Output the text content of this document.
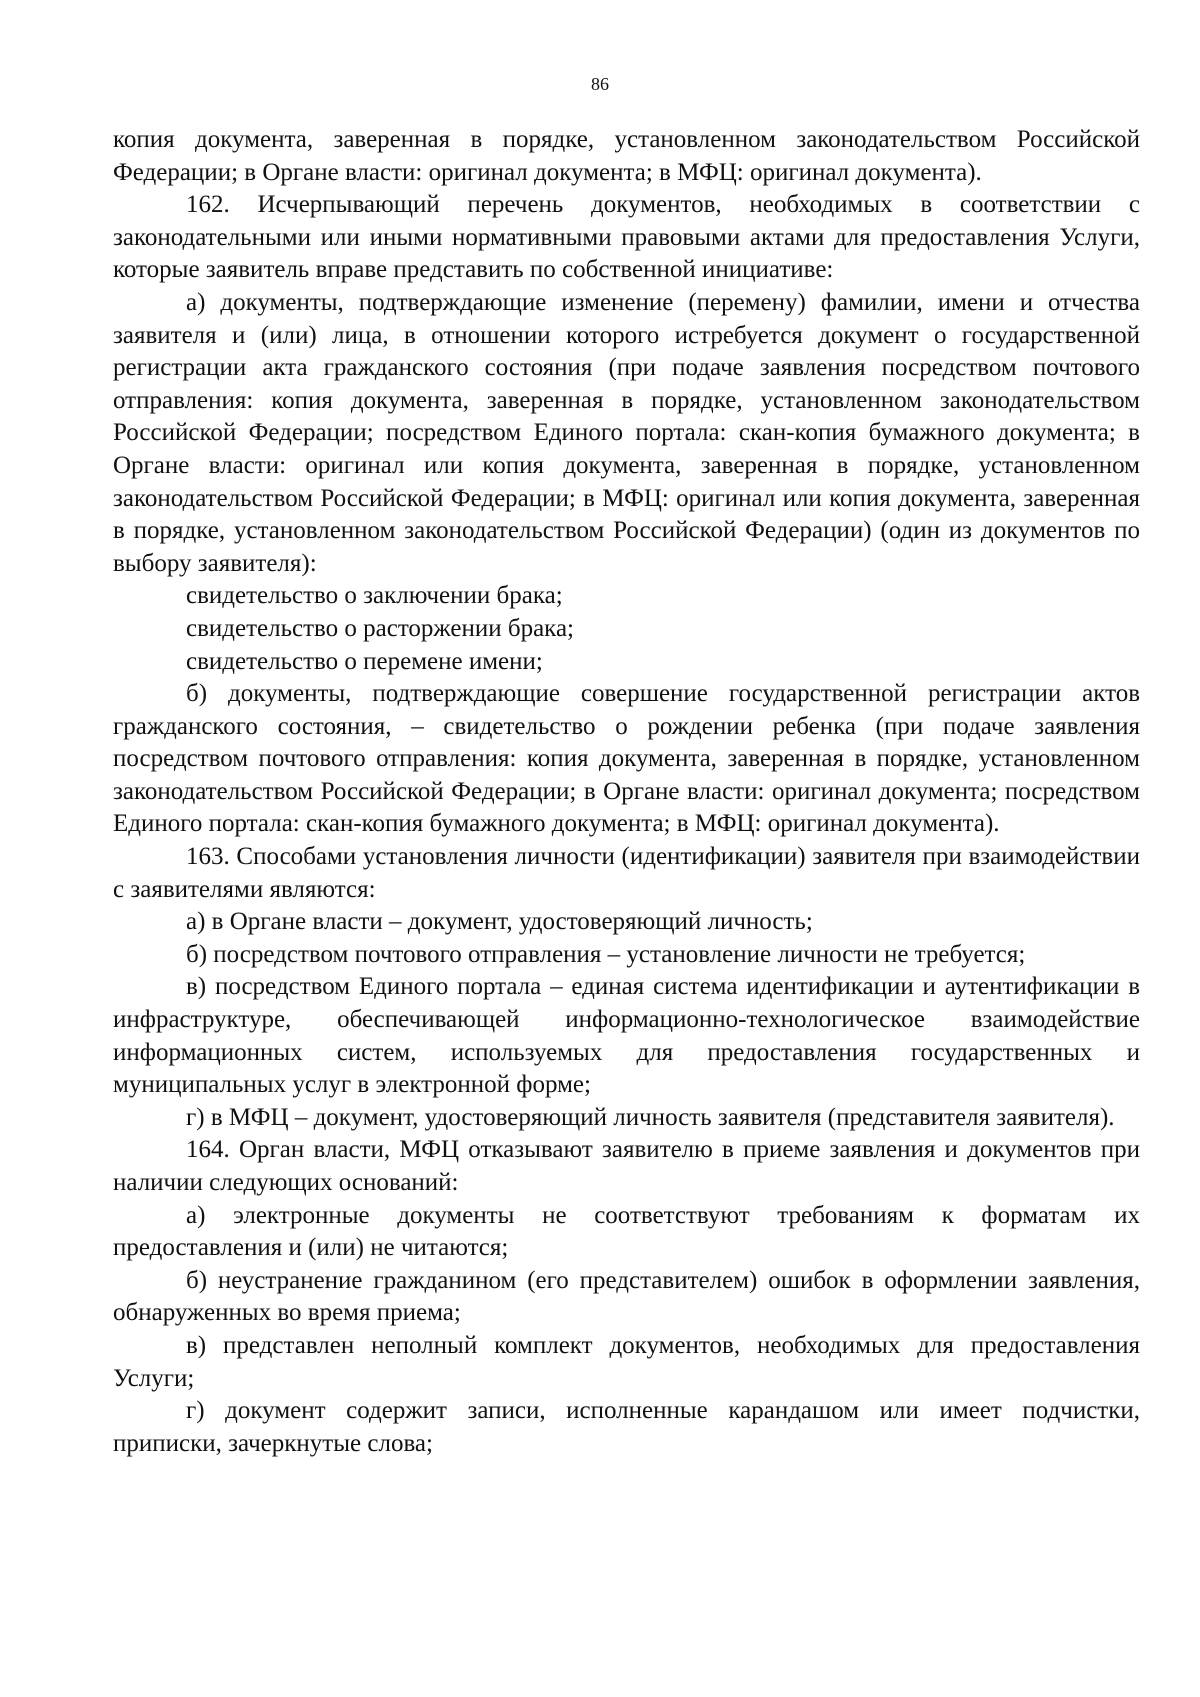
86

копия документа, заверенная в порядке, установленном законодательством Российской Федерации; в Органе власти: оригинал документа; в МФЦ: оригинал документа).

162. Исчерпывающий перечень документов, необходимых в соответствии с законодательными или иными нормативными правовыми актами для предоставления Услуги, которые заявитель вправе представить по собственной инициативе:

а) документы, подтверждающие изменение (перемену) фамилии, имени и отчества заявителя и (или) лица, в отношении которого истребуется документ о государственной регистрации акта гражданского состояния (при подаче заявления посредством почтового отправления: копия документа, заверенная в порядке, установленном законодательством Российской Федерации; посредством Единого портала: скан-копия бумажного документа; в Органе власти: оригинал или копия документа, заверенная в порядке, установленном законодательством Российской Федерации; в МФЦ: оригинал или копия документа, заверенная в порядке, установленном законодательством Российской Федерации) (один из документов по выбору заявителя):

свидетельство о заключении брака;

свидетельство о расторжении брака;

свидетельство о перемене имени;

б) документы, подтверждающие совершение государственной регистрации актов гражданского состояния, – свидетельство о рождении ребенка (при подаче заявления посредством почтового отправления: копия документа, заверенная в порядке, установленном законодательством Российской Федерации; в Органе власти: оригинал документа; посредством Единого портала: скан-копия бумажного документа; в МФЦ: оригинал документа).

163. Способами установления личности (идентификации) заявителя при взаимодействии с заявителями являются:

а) в Органе власти – документ, удостоверяющий личность;

б) посредством почтового отправления – установление личности не требуется;

в) посредством Единого портала – единая система идентификации и аутентификации в инфраструктуре, обеспечивающей информационно-технологическое взаимодействие информационных систем, используемых для предоставления государственных и муниципальных услуг в электронной форме;

г) в МФЦ – документ, удостоверяющий личность заявителя (представителя заявителя).

164. Орган власти, МФЦ отказывают заявителю в приеме заявления и документов при наличии следующих оснований:

а) электронные документы не соответствуют требованиям к форматам их предоставления и (или) не читаются;

б) неустранение гражданином (его представителем) ошибок в оформлении заявления, обнаруженных во время приема;

в) представлен неполный комплект документов, необходимых для предоставления Услуги;

г) документ содержит записи, исполненные карандашом или имеет подчистки, приписки, зачеркнутые слова;
